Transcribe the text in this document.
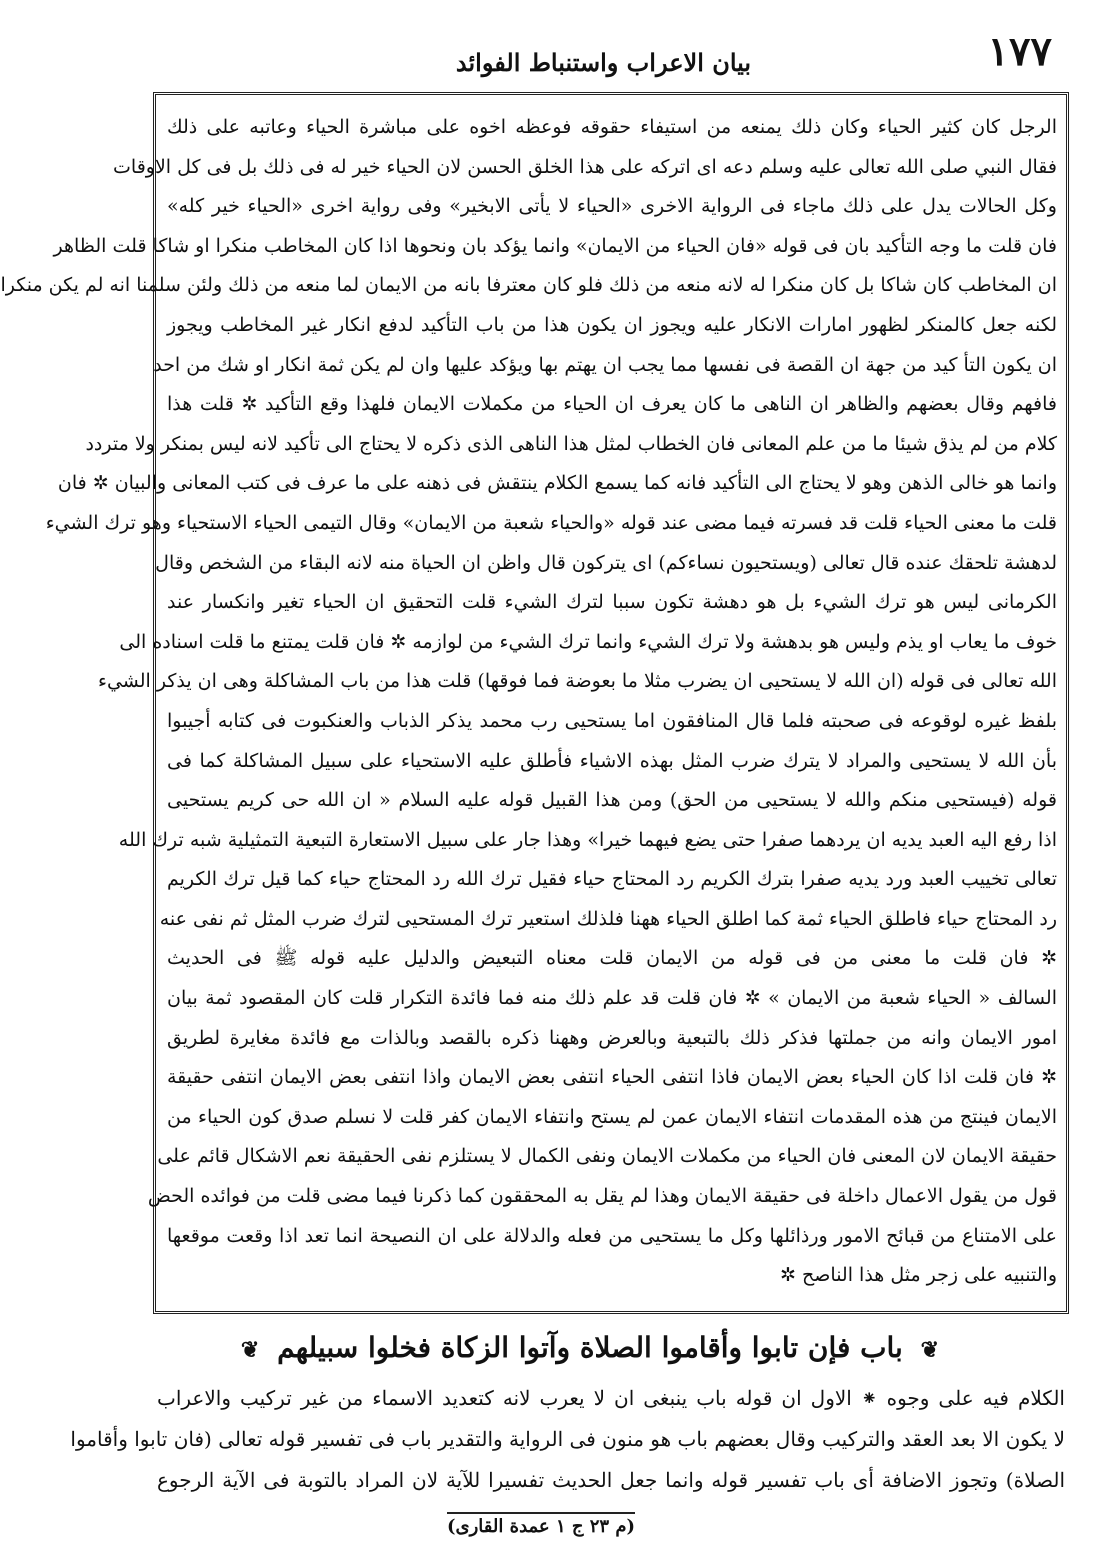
١٧٧
بيان الاعراب واستنباط الفوائد
الرجل كان كثير الحياء وكان ذلك يمنعه من استيفاء حقوقه فوعظه اخوه على مباشرة الحياء وعاتبه على ذلك
فقال النبي صلى الله تعالى عليه وسلم دعه اى اتركه على هذا الخلق الحسن لان الحياء خير له فى ذلك بل فى كل الاوقات
وكل الحالات يدل على ذلك ماجاء فى الرواية الاخرى «الحياء لا يأتى الابخير» وفى رواية اخرى «الحياء خير كله»
فان قلت ما وجه التأكيد بان فى قوله «فان الحياء من الايمان» وانما يؤكد بان ونحوها اذا كان المخاطب منكرا او شاكا قلت الظاهر
ان المخاطب كان شاكا بل كان منكرا له لانه منعه من ذلك فلو كان معترفا بانه من الايمان لما منعه من ذلك ولئن سلمنا انه لم يكن منكرا
لكنه جعل كالمنكر لظهور امارات الانكار عليه ويجوز ان يكون هذا من باب التأكيد لدفع انكار غير المخاطب ويجوز
ان يكون التأ كيد من جهة ان القصة فى نفسها مما يجب ان يهتم بها ويؤكد عليها وان لم يكن ثمة انكار او شك من احد
فافهم وقال بعضهم والظاهر ان الناهى ما كان يعرف ان الحياء من مكملات الايمان فلهذا وقع التأكيد ✲ قلت هذا
كلام من لم يذق شيئا ما من علم المعانى فان الخطاب لمثل هذا الناهى الذى ذكره لا يحتاج الى تأكيد لانه ليس بمنكر ولا متردد
وانما هو خالى الذهن وهو لا يحتاج الى التأكيد فانه كما يسمع الكلام ينتقش فى ذهنه على ما عرف فى كتب المعانى والبيان ✲ فان
قلت ما معنى الحياء قلت قد فسرته فيما مضى عند قوله «والحياء شعبة من الايمان» وقال التيمى الحياء الاستحياء وهو ترك الشيء
لدهشة تلحقك عنده قال تعالى (ويستحيون نساءكم) اى يتركون قال واظن ان الحياة منه لانه البقاء من الشخص وقال
الكرمانى ليس هو ترك الشيء بل هو دهشة تكون سببا لترك الشيء قلت التحقيق ان الحياء تغير وانكسار عند
خوف ما يعاب او يذم وليس هو بدهشة ولا ترك الشيء وانما ترك الشيء من لوازمه ✲ فان قلت يمتنع ما قلت اسناده الى
الله تعالى فى قوله (ان الله لا يستحيى ان يضرب مثلا ما بعوضة فما فوقها) قلت هذا من باب المشاكلة وهى ان يذكر الشيء
بلفظ غيره لوقوعه فى صحبته فلما قال المنافقون اما يستحيى رب محمد يذكر الذباب والعنكبوت فى كتابه أجيبوا
بأن الله لا يستحيى والمراد لا يترك ضرب المثل بهذه الاشياء فأطلق عليه الاستحياء على سبيل المشاكلة كما فى
قوله (فيستحيى منكم والله لا يستحيى من الحق) ومن هذا القبيل قوله عليه السلام « ان الله حى كريم يستحيى
اذا رفع اليه العبد يديه ان يردهما صفرا حتى يضع فيهما خيرا» وهذا جار على سبيل الاستعارة التبعية التمثيلية شبه ترك الله
تعالى تخييب العبد ورد يديه صفرا بترك الكريم رد المحتاج حياء فقيل ترك الله رد المحتاج حياء كما قيل ترك الكريم
رد المحتاج حياء فاطلق الحياء ثمة كما اطلق الحياء ههنا فلذلك استعير ترك المستحيى لترك ضرب المثل ثم نفى عنه
✲ فان قلت ما معنى من فى قوله من الايمان قلت معناه التبعيض والدليل عليه قوله ﷺ فى الحديث
السالف « الحياء شعبة من الايمان » ✲ فان قلت قد علم ذلك منه فما فائدة التكرار قلت كان المقصود ثمة بيان
امور الايمان وانه من جملتها فذكر ذلك بالتبعية وبالعرض وههنا ذكره بالقصد وبالذات مع فائدة مغايرة لطريق
✲ فان قلت اذا كان الحياء بعض الايمان فاذا انتفى الحياء انتفى بعض الايمان واذا انتفى بعض الايمان انتفى حقيقة
الايمان فينتج من هذه المقدمات انتفاء الايمان عمن لم يستح وانتفاء الايمان كفر قلت لا نسلم صدق كون الحياء من
حقيقة الايمان لان المعنى فان الحياء من مكملات الايمان ونفى الكمال لا يستلزم نفى الحقيقة نعم الاشكال قائم على
قول من يقول الاعمال داخلة فى حقيقة الايمان وهذا لم يقل به المحققون كما ذكرنا فيما مضى قلت من فوائده الحض
على الامتناع من قبائح الامور ورذائلها وكل ما يستحيى من فعله والدلالة على ان النصيحة انما تعد اذا وقعت موقعها
والتنبيه على زجر مثل هذا الناصح ✲
❦ باب فإن تابوا وأقاموا الصلاة وآتوا الزكاة فخلوا سبيلهم ❦
الكلام فيه على وجوه ⁕ الاول ان قوله باب ينبغى ان لا يعرب لانه كتعديد الاسماء من غير تركيب والاعراب
لا يكون الا بعد العقد والتركيب وقال بعضهم باب هو منون فى الرواية والتقدير باب فى تفسير قوله تعالى (فان تابوا وأقاموا
الصلاة) وتجوز الاضافة أى باب تفسير قوله وانما جعل الحديث تفسيرا للآية لان المراد بالتوبة فى الآية الرجوع
(م ٢٣ ج ١ عمدة القارى)
